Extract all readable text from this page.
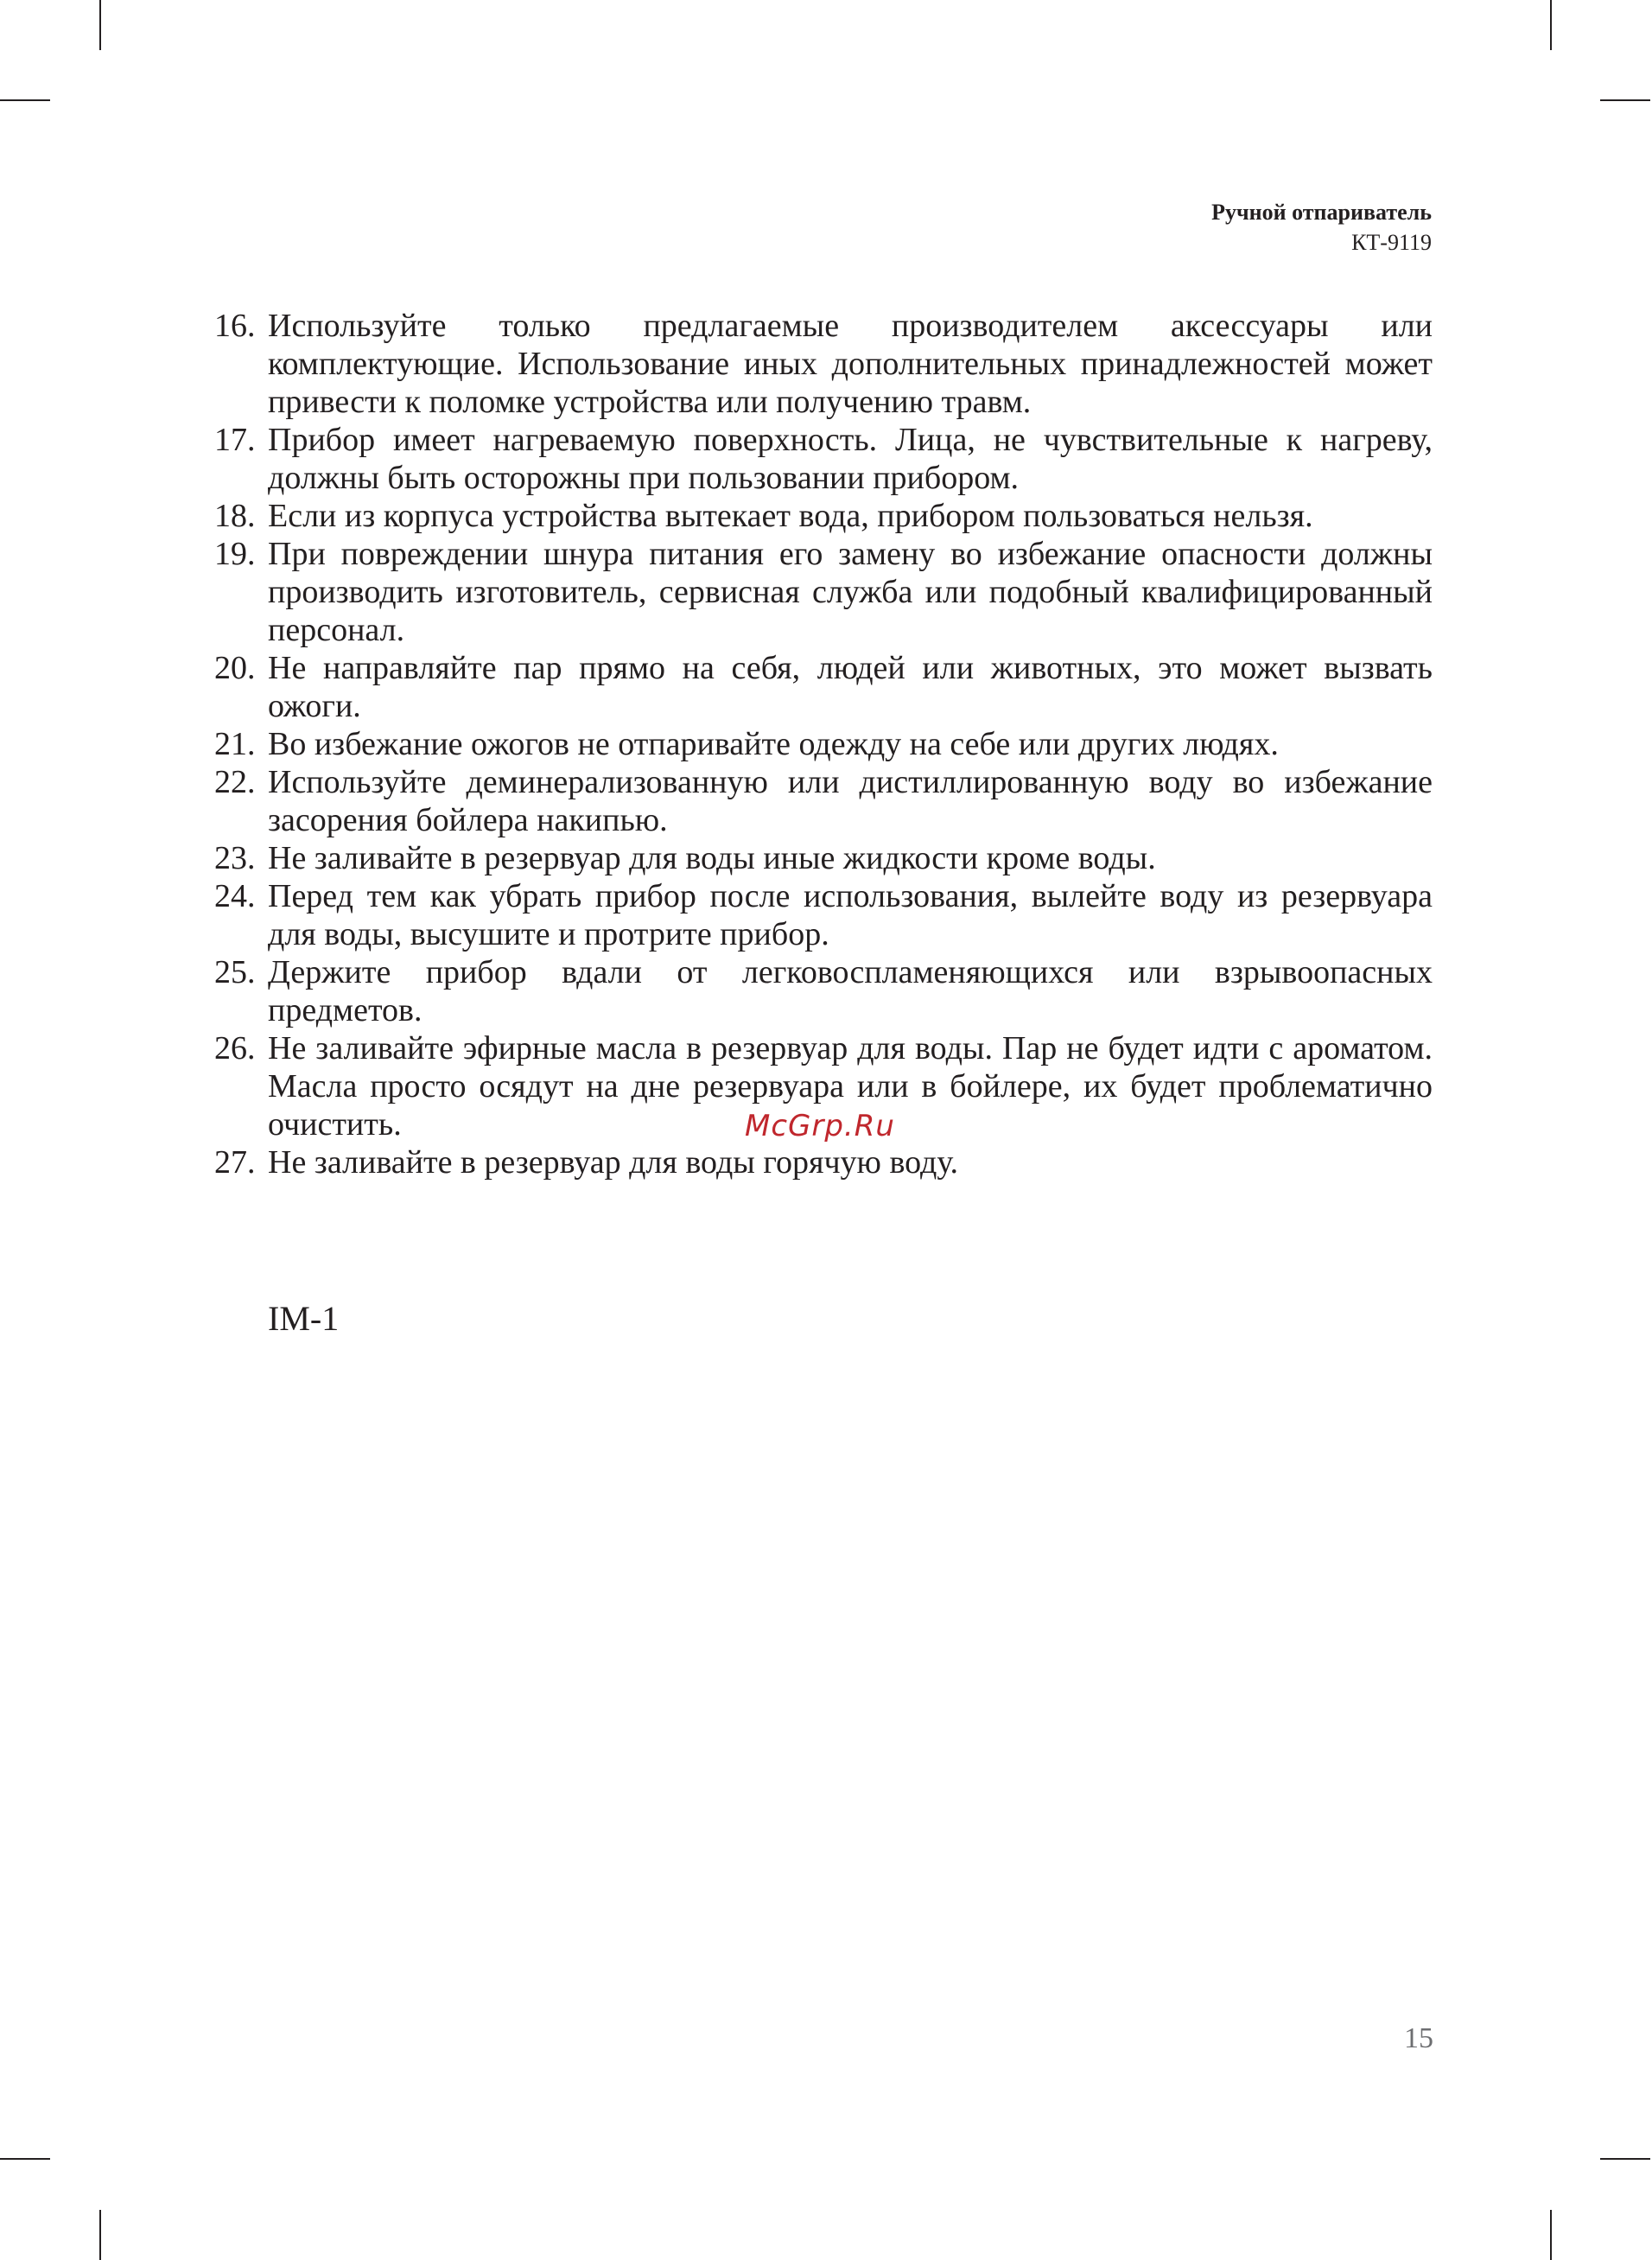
Ручной отпариватель
КТ-9119
16. Используйте только предлагаемые производителем аксессуары или комплектующие. Использование иных дополнительных принадлежностей может привести к поломке устройства или получению травм.
17. Прибор имеет нагреваемую поверхность. Лица, не чувствительные к нагреву, должны быть осторожны при пользовании прибором.
18. Если из корпуса устройства вытекает вода, прибором пользоваться нельзя.
19. При повреждении шнура питания его замену во избежание опасности должны производить изготовитель, сервисная служба или подобный квалифицированный персонал.
20. Не направляйте пар прямо на себя, людей или животных, это может вызвать ожоги.
21. Во избежание ожогов не отпаривайте одежду на себе или других людях.
22. Используйте деминерализованную или дистиллированную воду во избежание засорения бойлера накипью.
23. Не заливайте в резервуар для воды иные жидкости кроме воды.
24. Перед тем как убрать прибор после использования, вылейте воду из резервуара для воды, высушите и протрите прибор.
25. Держите прибор вдали от легковоспламеняющихся или взрывоопасных предметов.
26. Не заливайте эфирные масла в резервуар для воды. Пар не будет идти с ароматом. Масла просто осядут на дне резервуара или в бойлере, их будет проблематично очистить.
27. Не заливайте в резервуар для воды горячую воду.
McGrp.Ru
IM-1
15
